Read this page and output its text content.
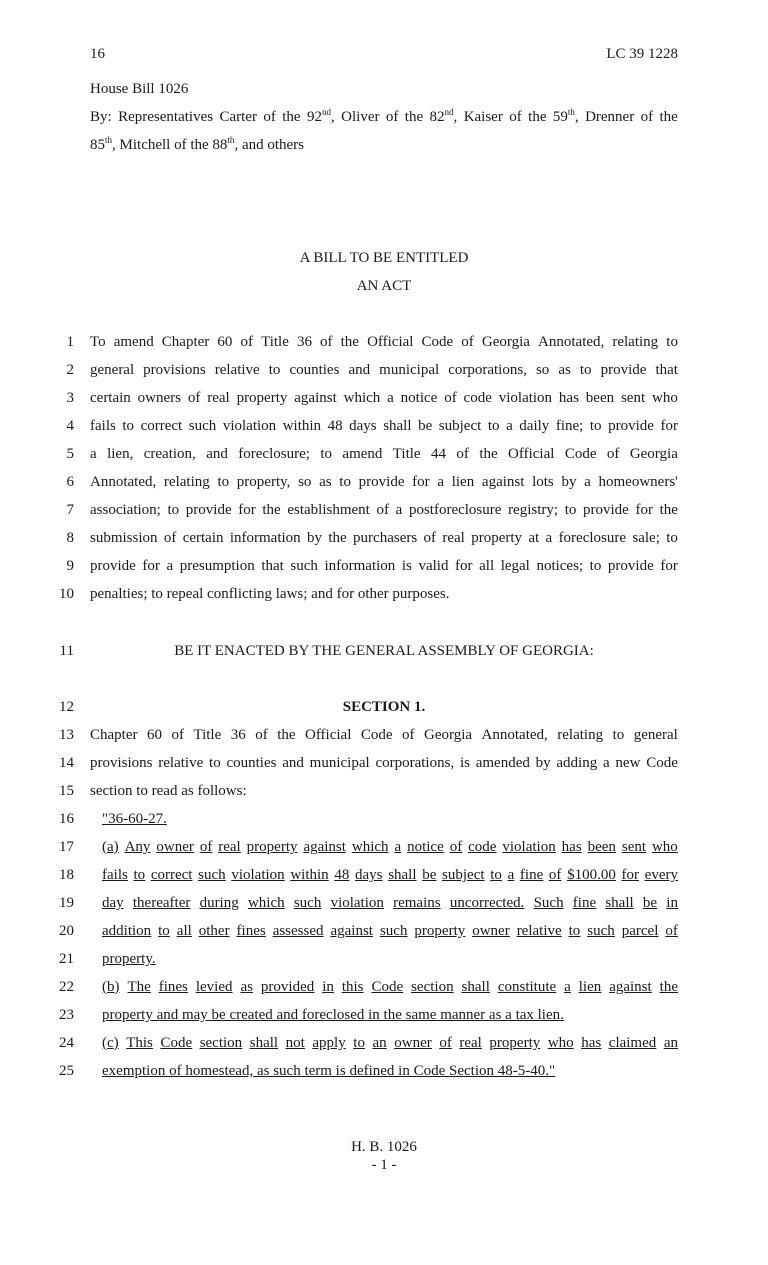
16	LC 39 1228
House Bill 1026
By: Representatives Carter of the 92nd, Oliver of the 82nd, Kaiser of the 59th, Drenner of the
85th, Mitchell of the 88th, and others
A BILL TO BE ENTITLED
AN ACT
1 To amend Chapter 60 of Title 36 of the Official Code of Georgia Annotated, relating to
2 general provisions relative to counties and municipal corporations, so as to provide that
3 certain owners of real property against which a notice of code violation has been sent who
4 fails to correct such violation within 48 days shall be subject to a daily fine; to provide for
5 a lien, creation, and foreclosure; to amend Title 44 of the Official Code of Georgia
6 Annotated, relating to property, so as to provide for a lien against lots by a homeowners'
7 association; to provide for the establishment of a postforeclosure registry; to provide for the
8 submission of certain information by the purchasers of real property at a foreclosure sale; to
9 provide for a presumption that such information is valid for all legal notices; to provide for
10 penalties; to repeal conflicting laws; and for other purposes.
11	BE IT ENACTED BY THE GENERAL ASSEMBLY OF GEORGIA:
12	SECTION 1.
13 Chapter 60 of Title 36 of the Official Code of Georgia Annotated, relating to general
14 provisions relative to counties and municipal corporations, is amended by adding a new Code
15 section to read as follows:
16 "36-60-27.
17 (a) Any owner of real property against which a notice of code violation has been sent who
18 fails to correct such violation within 48 days shall be subject to a fine of $100.00 for every
19 day thereafter during which such violation remains uncorrected. Such fine shall be in
20 addition to all other fines assessed against such property owner relative to such parcel of
21 property.
22 (b) The fines levied as provided in this Code section shall constitute a lien against the
23 property and may be created and foreclosed in the same manner as a tax lien.
24 (c) This Code section shall not apply to an owner of real property who has claimed an
25 exemption of homestead, as such term is defined in Code Section 48-5-40."
H. B. 1026
- 1 -
